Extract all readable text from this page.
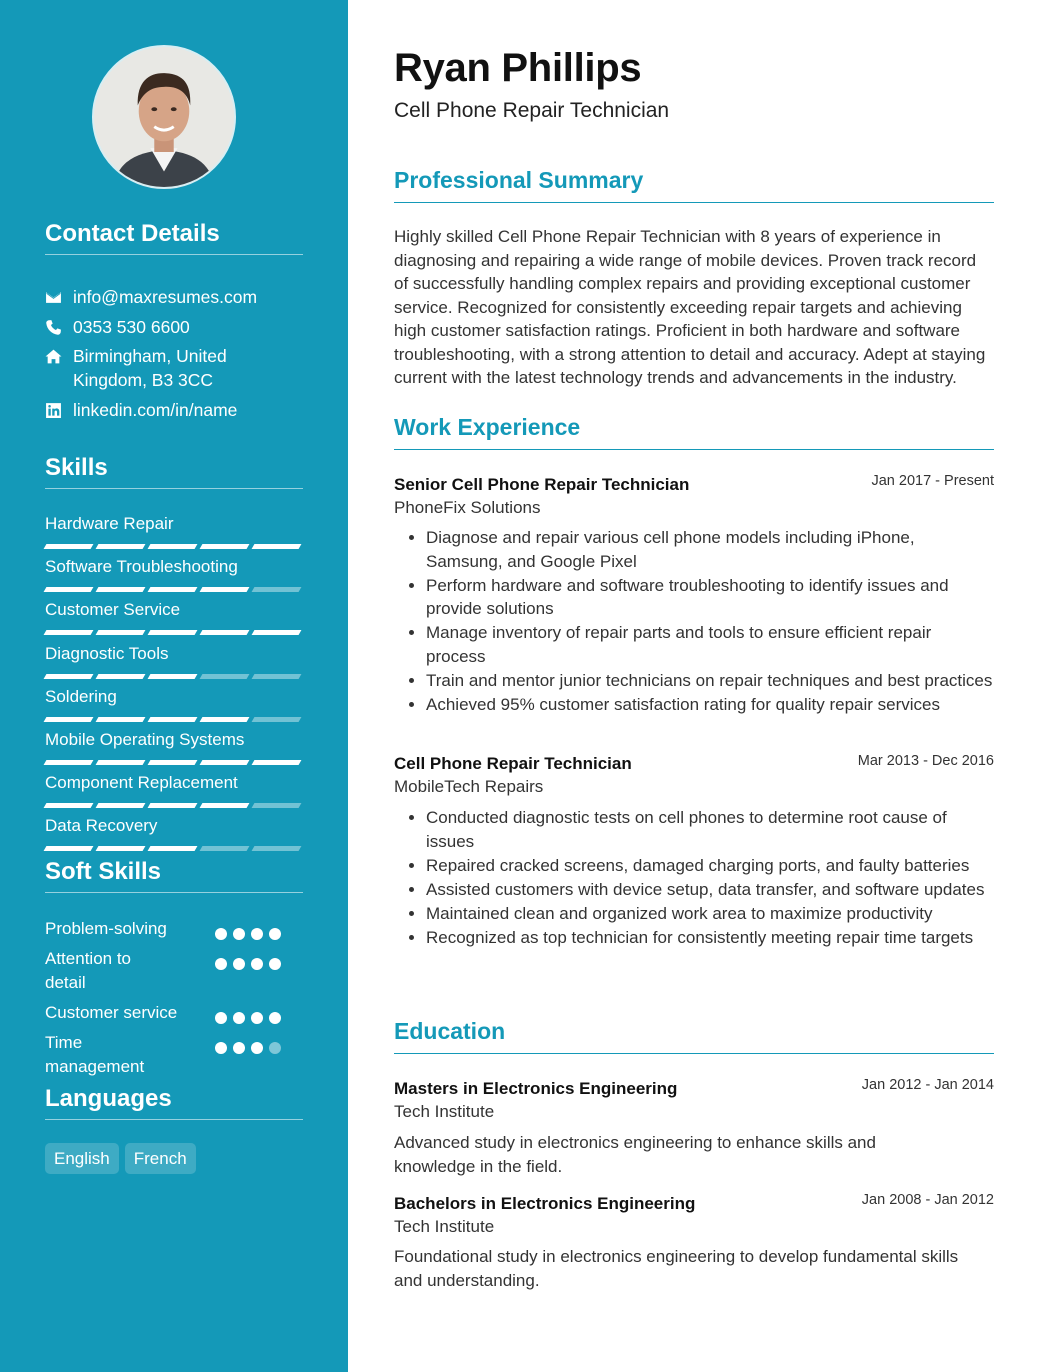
Contact Details
info@maxresumes.com
0353 530 6600
Birmingham, United Kingdom, B3 3CC
linkedin.com/in/name
Skills
Hardware Repair
Software Troubleshooting
Customer Service
Diagnostic Tools
Soldering
Mobile Operating Systems
Component Replacement
Data Recovery
Soft Skills
Problem-solving
Attention to detail
Customer service
Time management
Languages
English	French
Ryan Phillips
Cell Phone Repair Technician
Professional Summary
Highly skilled Cell Phone Repair Technician with 8 years of experience in diagnosing and repairing a wide range of mobile devices. Proven track record of successfully handling complex repairs and providing exceptional customer service. Recognized for consistently exceeding repair targets and achieving high customer satisfaction ratings. Proficient in both hardware and software troubleshooting, with a strong attention to detail and accuracy. Adept at staying current with the latest technology trends and advancements in the industry.
Work Experience
Senior Cell Phone Repair Technician	Jan 2017 - Present
PhoneFix Solutions
• Diagnose and repair various cell phone models including iPhone, Samsung, and Google Pixel
• Perform hardware and software troubleshooting to identify issues and provide solutions
• Manage inventory of repair parts and tools to ensure efficient repair process
• Train and mentor junior technicians on repair techniques and best practices
• Achieved 95% customer satisfaction rating for quality repair services
Cell Phone Repair Technician	Mar 2013 - Dec 2016
MobileTech Repairs
• Conducted diagnostic tests on cell phones to determine root cause of issues
• Repaired cracked screens, damaged charging ports, and faulty batteries
• Assisted customers with device setup, data transfer, and software updates
• Maintained clean and organized work area to maximize productivity
• Recognized as top technician for consistently meeting repair time targets
Education
Masters in Electronics Engineering	Jan 2012 - Jan 2014
Tech Institute
Advanced study in electronics engineering to enhance skills and knowledge in the field.
Bachelors in Electronics Engineering	Jan 2008 - Jan 2012
Tech Institute
Foundational study in electronics engineering to develop fundamental skills and understanding.
